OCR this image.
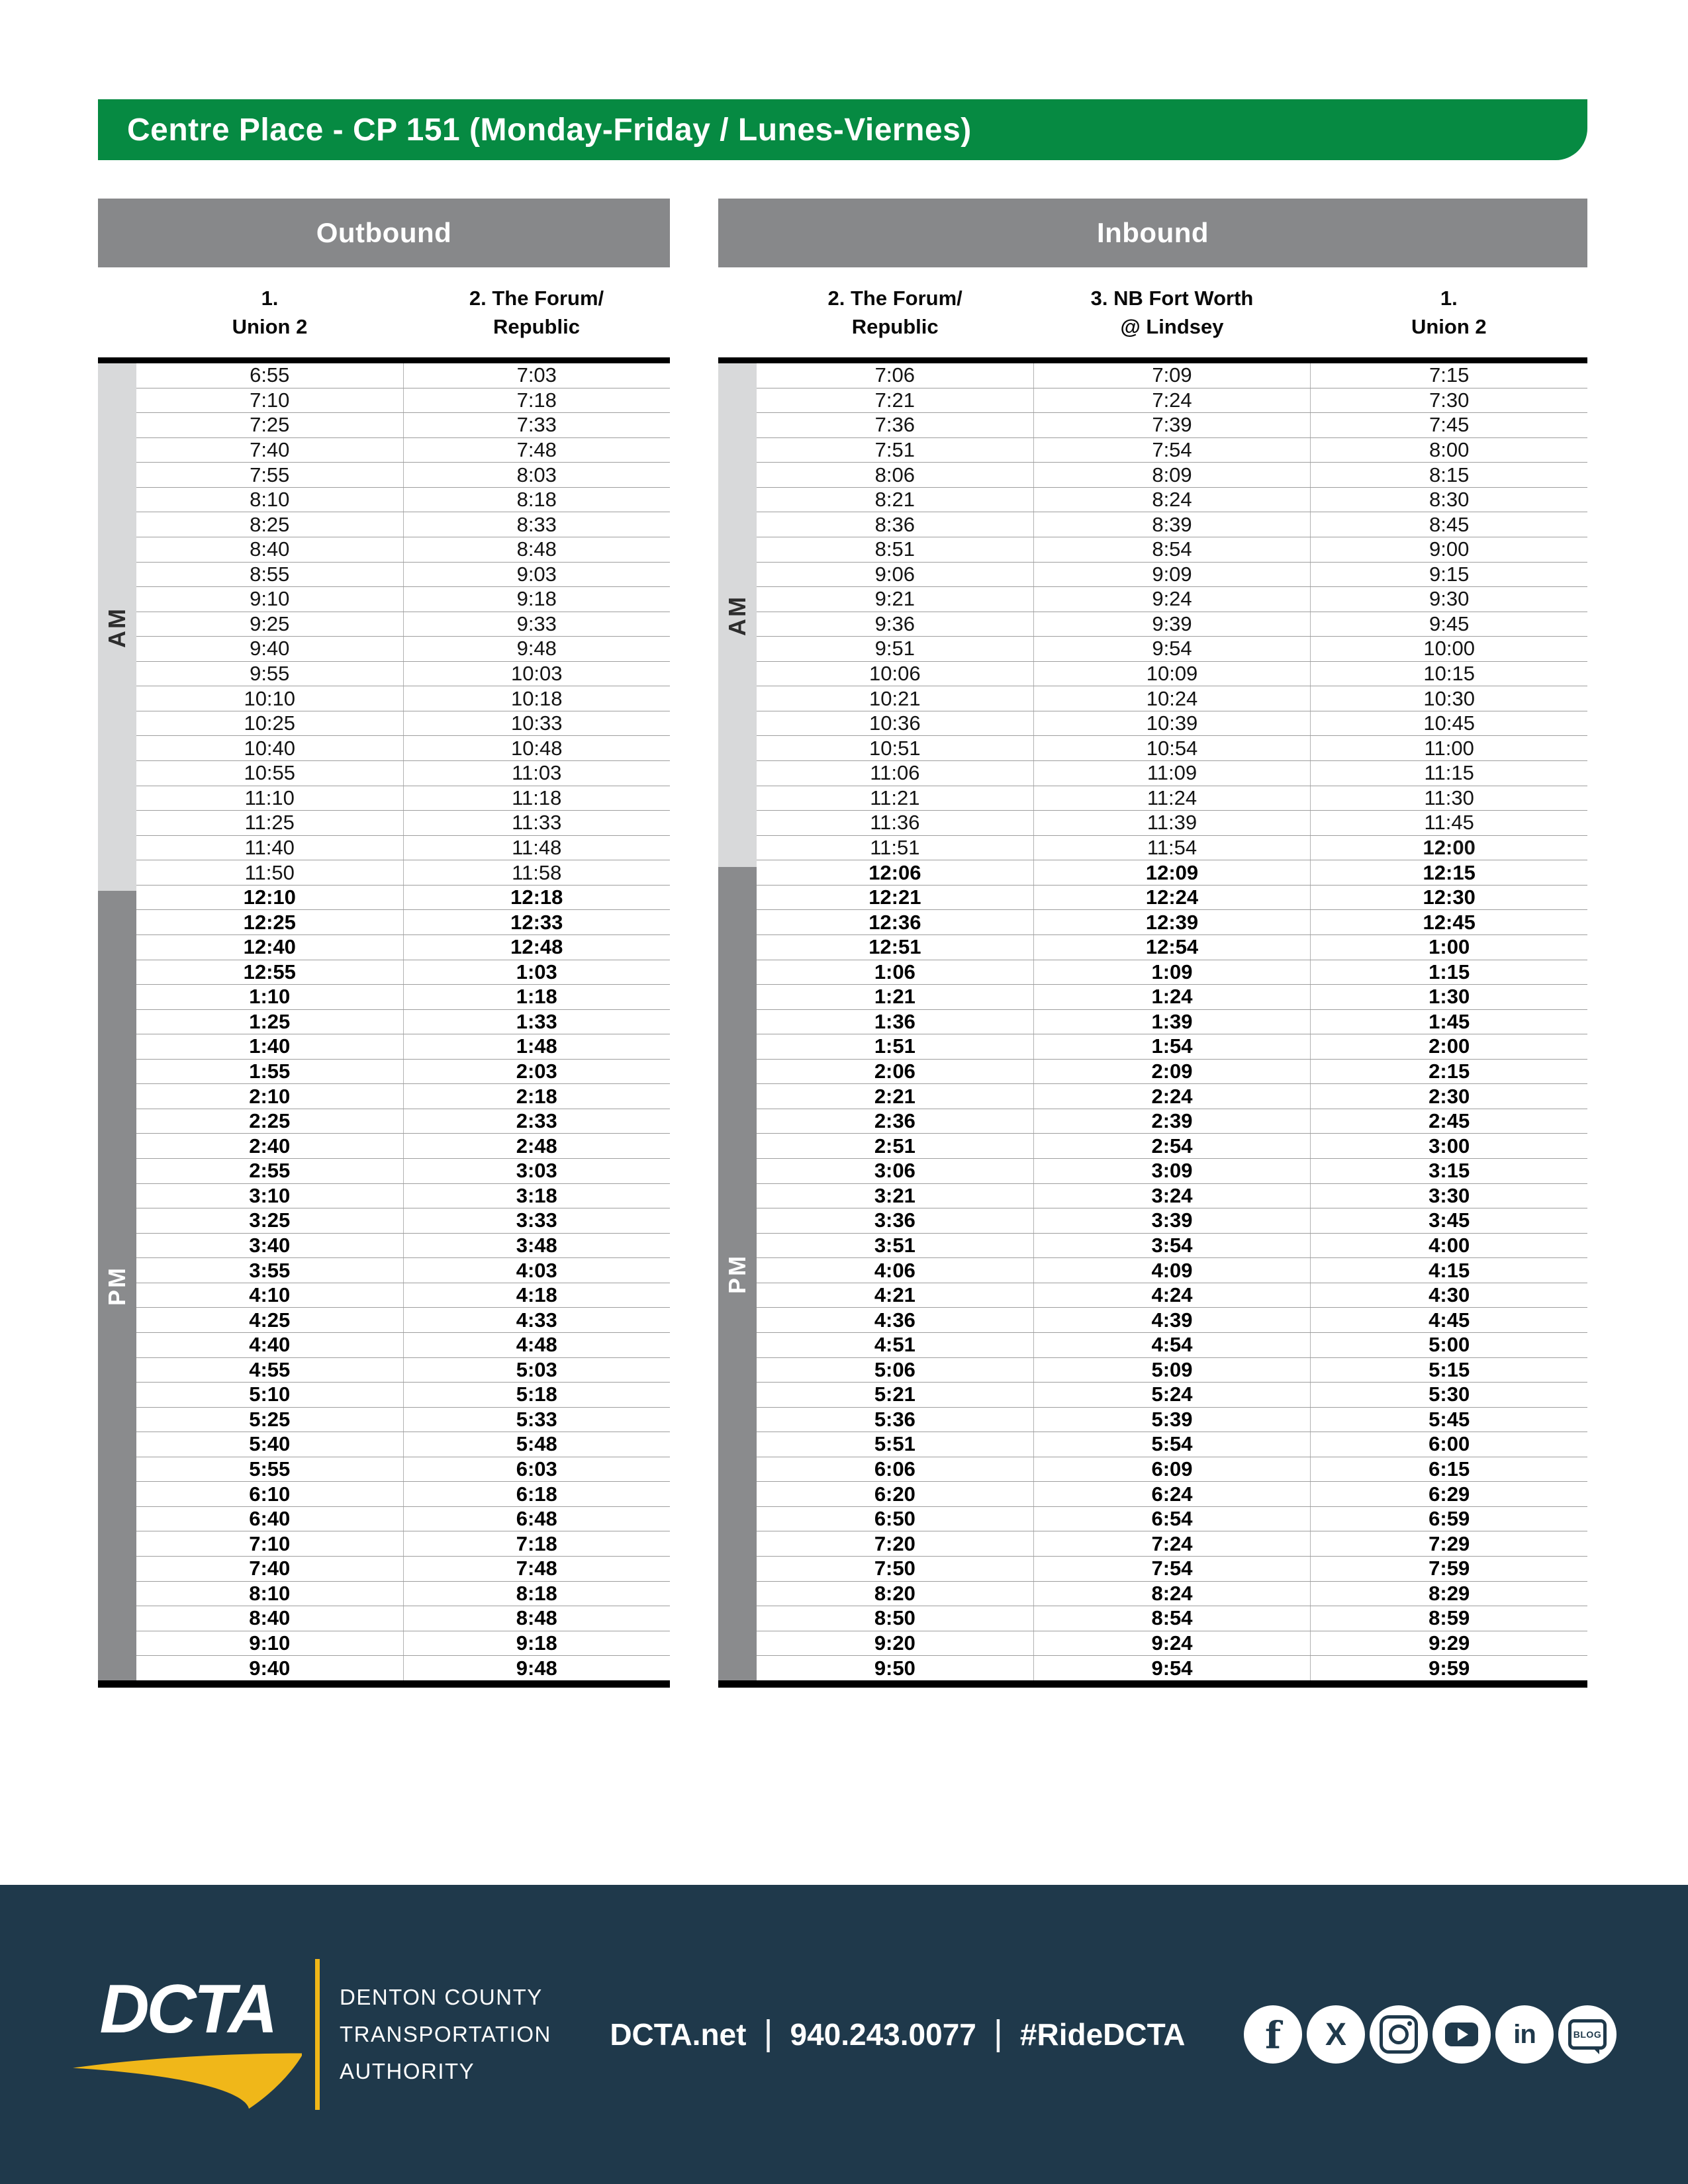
Centre Place - CP 151 (Monday-Friday / Lunes-Viernes)
Outbound
1.
Union 2
2. The Forum/
Republic
AM
PM
6:55	7:03
7:10	7:18
7:25	7:33
7:40	7:48
7:55	8:03
8:10	8:18
8:25	8:33
8:40	8:48
8:55	9:03
9:10	9:18
9:25	9:33
9:40	9:48
9:55	10:03
10:10	10:18
10:25	10:33
10:40	10:48
10:55	11:03
11:10	11:18
11:25	11:33
11:40	11:48
11:50	11:58
12:10	12:18
12:25	12:33
12:40	12:48
12:55	1:03
1:10	1:18
1:25	1:33
1:40	1:48
1:55	2:03
2:10	2:18
2:25	2:33
2:40	2:48
2:55	3:03
3:10	3:18
3:25	3:33
3:40	3:48
3:55	4:03
4:10	4:18
4:25	4:33
4:40	4:48
4:55	5:03
5:10	5:18
5:25	5:33
5:40	5:48
5:55	6:03
6:10	6:18
6:40	6:48
7:10	7:18
7:40	7:48
8:10	8:18
8:40	8:48
9:10	9:18
9:40	9:48
Inbound
2. The Forum/
Republic
3. NB Fort Worth
@ Lindsey
1.
Union 2
AM
PM
7:06	7:09	7:15
7:21	7:24	7:30
7:36	7:39	7:45
7:51	7:54	8:00
8:06	8:09	8:15
8:21	8:24	8:30
8:36	8:39	8:45
8:51	8:54	9:00
9:06	9:09	9:15
9:21	9:24	9:30
9:36	9:39	9:45
9:51	9:54	10:00
10:06	10:09	10:15
10:21	10:24	10:30
10:36	10:39	10:45
10:51	10:54	11:00
11:06	11:09	11:15
11:21	11:24	11:30
11:36	11:39	11:45
11:51	11:54	12:00
12:06	12:09	12:15
12:21	12:24	12:30
12:36	12:39	12:45
12:51	12:54	1:00
1:06	1:09	1:15
1:21	1:24	1:30
1:36	1:39	1:45
1:51	1:54	2:00
2:06	2:09	2:15
2:21	2:24	2:30
2:36	2:39	2:45
2:51	2:54	3:00
3:06	3:09	3:15
3:21	3:24	3:30
3:36	3:39	3:45
3:51	3:54	4:00
4:06	4:09	4:15
4:21	4:24	4:30
4:36	4:39	4:45
4:51	4:54	5:00
5:06	5:09	5:15
5:21	5:24	5:30
5:36	5:39	5:45
5:51	5:54	6:00
6:06	6:09	6:15
6:20	6:24	6:29
6:50	6:54	6:59
7:20	7:24	7:29
7:50	7:54	7:59
8:20	8:24	8:29
8:50	8:54	8:59
9:20	9:24	9:29
9:50	9:54	9:59
DCTA	DENTON COUNTY
TRANSPORTATION
AUTHORITY
DCTA.net | 940.243.0077 | #RideDCTA f X	in	BLOG
